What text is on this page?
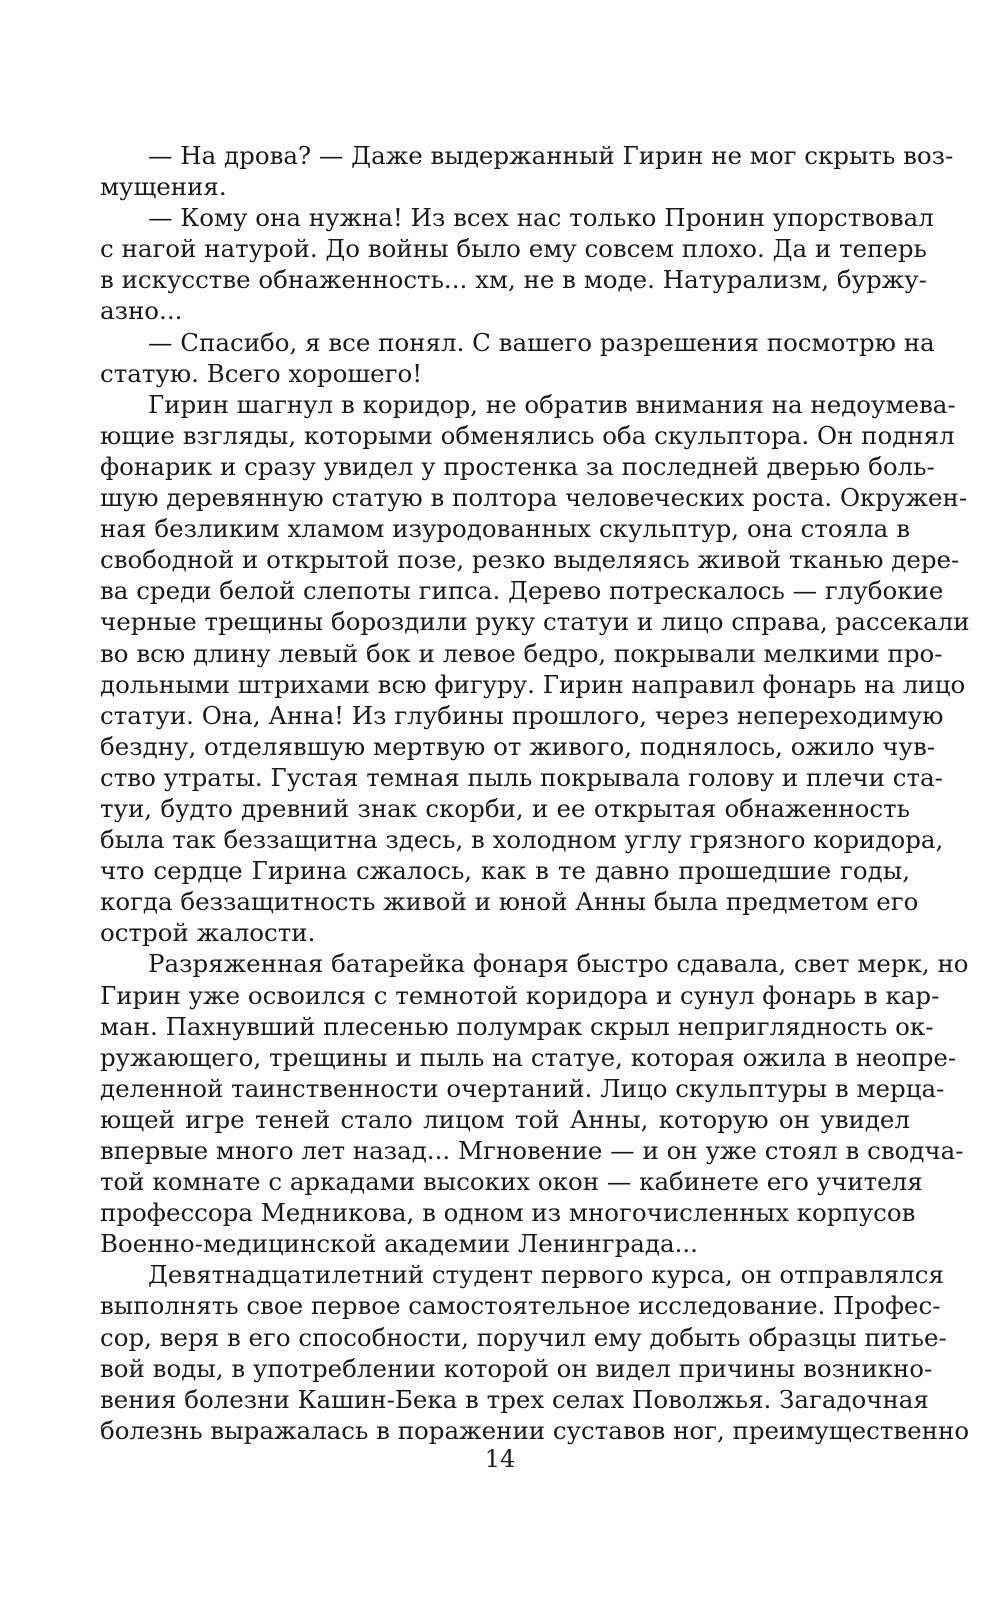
— На дрова? — Даже выдержанный Гирин не мог скрыть воз-
мущения.
— Кому она нужна! Из всех нас только Пронин упорствовал
с нагой натурой. До войны было ему совсем плохо. Да и теперь
в искусстве обнаженность... хм, не в моде. Натурализм, буржу-
азно...
— Спасибо, я все понял. С вашего разрешения посмотрю на
статую. Всего хорошего!
Гирин шагнул в коридор, не обратив внимания на недоумева-
ющие взгляды, которыми обменялись оба скульптора. Он поднял
фонарик и сразу увидел у простенка за последней дверью боль-
шую деревянную статую в полтора человеческих роста. Окружен-
ная безликим хламом изуродованных скульптур, она стояла в
свободной и открытой позе, резко выделяясь живой тканью дере-
ва среди белой слепоты гипса. Дерево потрескалось — глубокие
черные трещины бороздили руку статуи и лицо справа, рассекали
во всю длину левый бок и левое бедро, покрывали мелкими про-
дольными штрихами всю фигуру. Гирин направил фонарь на лицо
статуи. Она, Анна! Из глубины прошлого, через непереходимую
бездну, отделявшую мертвую от живого, поднялось, ожило чув-
ство утраты. Густая темная пыль покрывала голову и плечи ста-
туи, будто древний знак скорби, и ее открытая обнаженность
была так беззащитна здесь, в холодном углу грязного коридора,
что сердце Гирина сжалось, как в те давно прошедшие годы,
когда беззащитность живой и юной Анны была предметом его
острой жалости.
Разряженная батарейка фонаря быстро сдавала, свет мерк, но
Гирин уже освоился с темнотой коридора и сунул фонарь в кар-
ман. Пахнувший плесенью полумрак скрыл неприглядность ок-
ружающего, трещины и пыль на статуе, которая ожила в неопре-
деленной таинственности очертаний. Лицо скульптуры в мерца-
ющей игре теней стало лицом той Анны, которую он увидел
впервые много лет назад... Мгновение — и он уже стоял в сводча-
той комнате с аркадами высоких окон — кабинете его учителя
профессора Медникова, в одном из многочисленных корпусов
Военно-медицинской академии Ленинграда...
Девятнадцатилетний студент первого курса, он отправлялся
выполнять свое первое самостоятельное исследование. Профес-
сор, веря в его способности, поручил ему добыть образцы питье-
вой воды, в употреблении которой он видел причины возникно-
вения болезни Кашин-Бека в трех селах Поволжья. Загадочная
болезнь выражалась в поражении суставов ног, преимущественно
14
